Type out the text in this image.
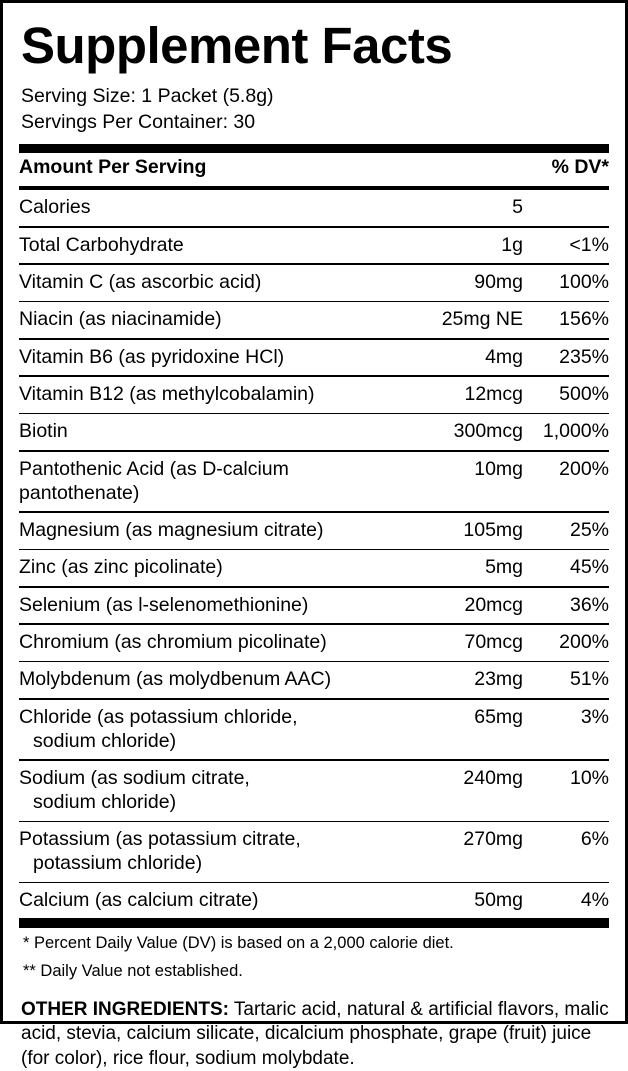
Supplement Facts
Serving Size: 1 Packet (5.8g)
Servings Per Container: 30
Amount Per Serving		% DV*

Calories	5	

Total Carbohydrate	1g	<1%

Vitamin C (as ascorbic acid)	90mg	100%

Niacin (as niacinamide)	25mg NE	156%

Vitamin B6 (as pyridoxine HCl)	4mg	235%

Vitamin B12 (as methylcobalamin)	12mcg	500%

Biotin	300mcg	1,000%

Pantothenic Acid (as D-calcium pantothenate)	10mg	200%

Magnesium (as magnesium citrate)	105mg	25%

Zinc (as zinc picolinate)	5mg	45%

Selenium (as l-selenomethionine)	20mcg	36%

Chromium (as chromium picolinate)	70mcg	200%

Molybdenum (as molydbenum AAC)	23mg	51%

Chloride (as potassium chloride,
sodium chloride)	65mg	3%

Sodium (as sodium citrate,
sodium chloride)	240mg	10%

Potassium (as potassium citrate,
potassium chloride)	270mg	6%

Calcium (as calcium citrate)	50mg	4%
* Percent Daily Value (DV) is based on a 2,000 calorie diet.
** Daily Value not established.
OTHER INGREDIENTS: Tartaric acid, natural & artificial flavors, malic acid, stevia, calcium silicate, dicalcium phosphate, grape (fruit) juice (for color), rice flour, sodium molybdate.
